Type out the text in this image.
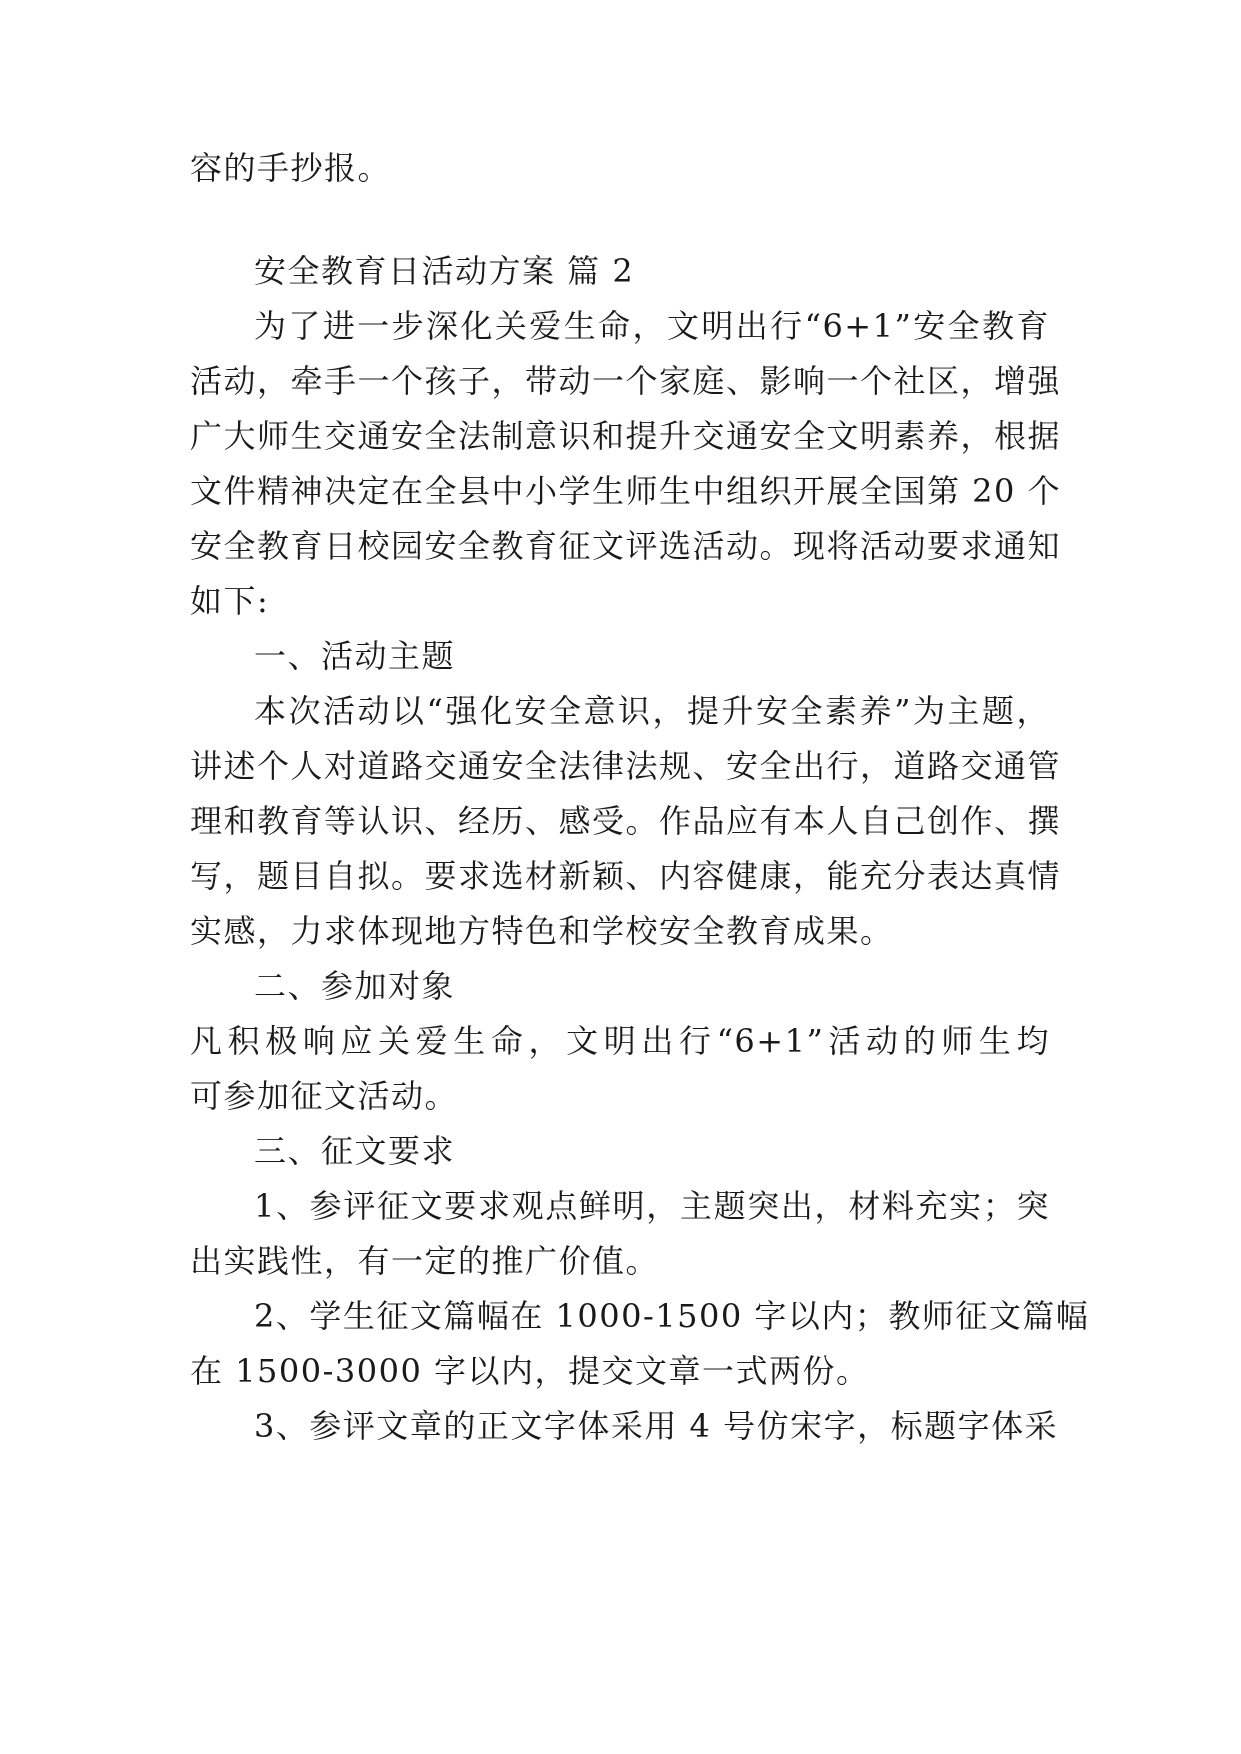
容的手抄报。
安全教育日活动方案 篇 2
为了进一步深化关爱生命，文明出行“6+1”安全教育
活动，牵手一个孩子，带动一个家庭、影响一个社区，增强
广大师生交通安全法制意识和提升交通安全文明素养，根据
文件精神决定在全县中小学生师生中组织开展全国第 20 个
安全教育日校园安全教育征文评选活动。现将活动要求通知
如下:
一、活动主题
本次活动以“强化安全意识，提升安全素养”为主题，
讲述个人对道路交通安全法律法规、安全出行，道路交通管
理和教育等认识、经历、感受。作品应有本人自己创作、撰
写，题目自拟。要求选材新颖、内容健康，能充分表达真情
实感，力求体现地方特色和学校安全教育成果。
二、参加对象
凡积极响应关爱生命，文明出行“6+1”活动的师生均
可参加征文活动。
三、征文要求
1、参评征文要求观点鲜明，主题突出，材料充实；突
出实践性，有一定的推广价值。
2、学生征文篇幅在 1000-1500 字以内；教师征文篇幅
在 1500-3000 字以内，提交文章一式两份。
3、参评文章的正文字体采用 4 号仿宋字，标题字体采
